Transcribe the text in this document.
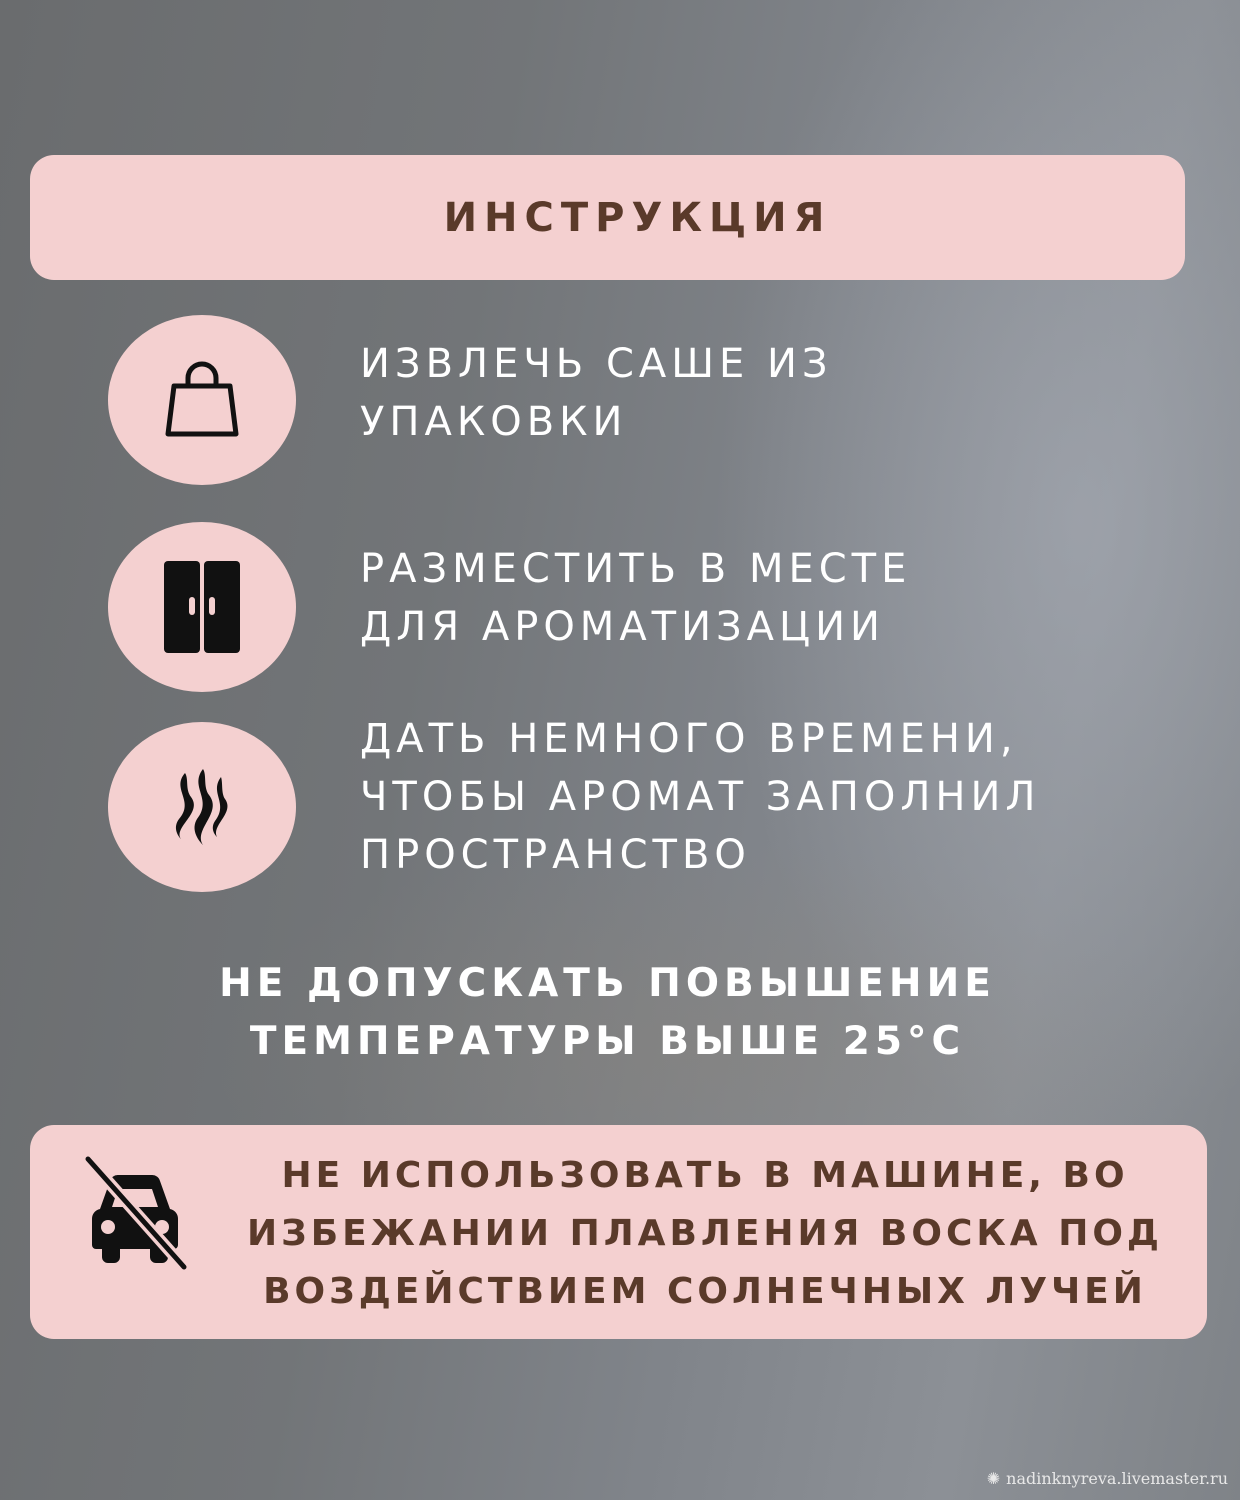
ИНСТРУКЦИЯ
ИЗВЛЕЧЬ САШЕ ИЗ
УПАКОВКИ
РАЗМЕСТИТЬ В МЕСТЕ
ДЛЯ АРОМАТИЗАЦИИ
ДАТЬ НЕМНОГО ВРЕМЕНИ,
ЧТОБЫ АРОМАТ ЗАПОЛНИЛ
ПРОСТРАНСТВО
НЕ ДОПУСКАТЬ ПОВЫШЕНИЕ
ТЕМПЕРАТУРЫ ВЫШЕ 25°C
НЕ ИСПОЛЬЗОВАТЬ В МАШИНЕ, ВО
ИЗБЕЖАНИИ ПЛАВЛЕНИЯ ВОСКА ПОД
ВОЗДЕЙСТВИЕМ СОЛНЕЧНЫХ ЛУЧЕЙ
✺ nadinknyreva.livemaster.ru
